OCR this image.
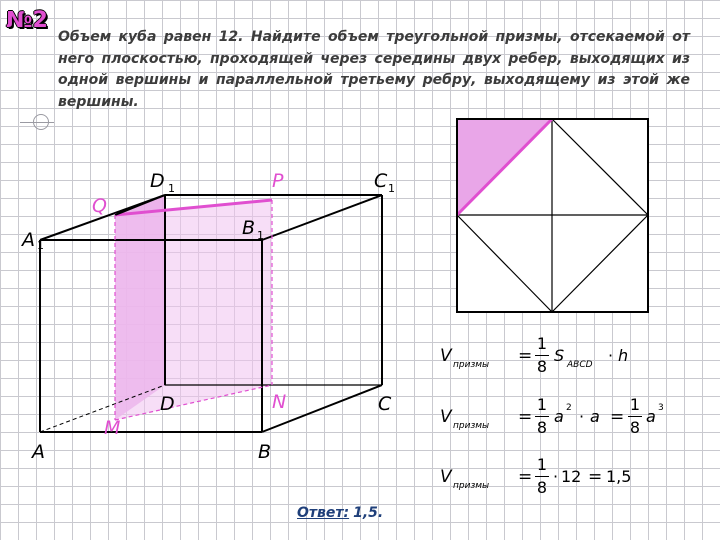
№2

Объем куба равен 12. Найдите объем треугольной призмы, отсекаемой от него плоскостью, проходящей через середины двух ребер, выходящих из одной вершины и параллельной третьему ребру, выходящему из этой же вершины.

A 1
D 1	C 1
B 1
A	B
C
D
Q
P
M
N
V призмы =
1
8
S ABCD · h
V призмы =
1
8
a 2 · a =
1
8
a 3
V призмы =
1
8
· 12 = 1,5
Ответ: 1,5.
